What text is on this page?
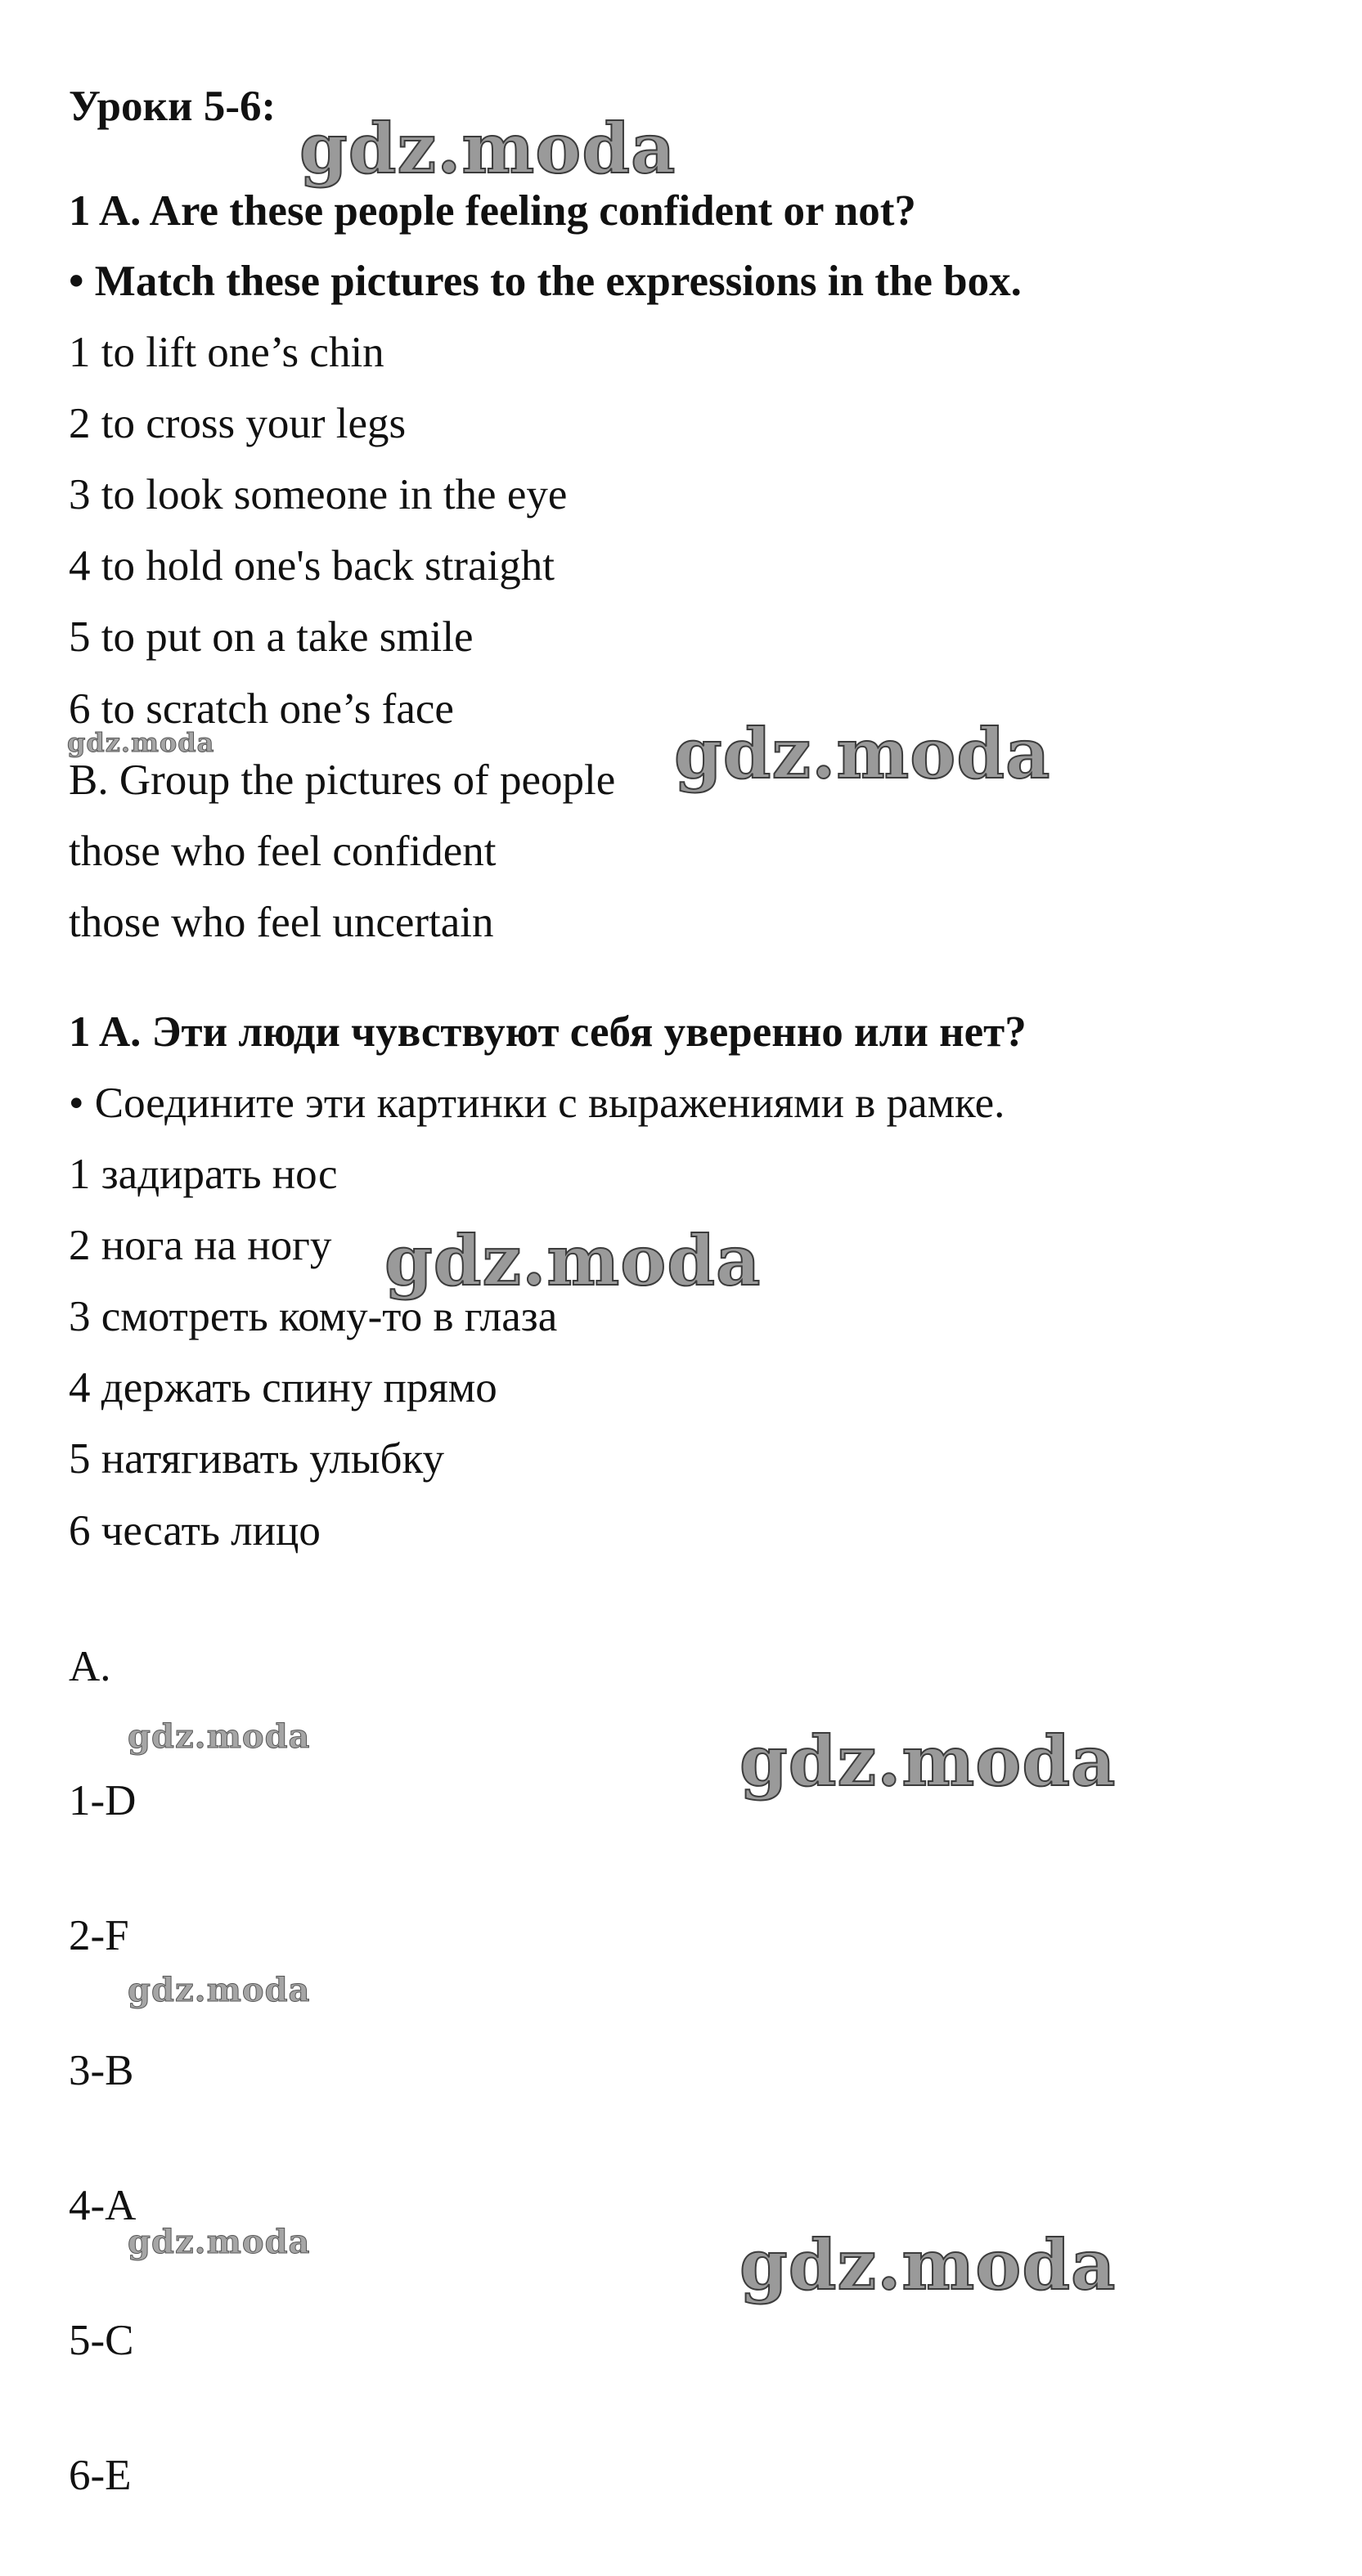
Уроки 5-6:
1 A. Are these people feeling confident or not?
• Match these pictures to the expressions in the box.
1 to lift one’s chin
2 to cross your legs
3 to look someone in the eye
4 to hold one's back straight
5 to put on a take smile
6 to scratch one’s face
B. Group the pictures of people
those who feel confident
those who feel uncertain
1 A. Эти люди чувствуют себя уверенно или нет?
• Соедините эти картинки с выражениями в рамке.
1 задирать нос
2 нога на ногу
3 смотреть кому-то в глаза
4 держать спину прямо
5 натягивать улыбку
6 чесать лицо
A.
1-D
2-F
3-B
4-A
5-C
6-E
gdz.moda
gdz.moda	gdz.moda
gdz.moda
gdz.moda	gdz.moda
gdz.moda
gdz.moda	gdz.moda
